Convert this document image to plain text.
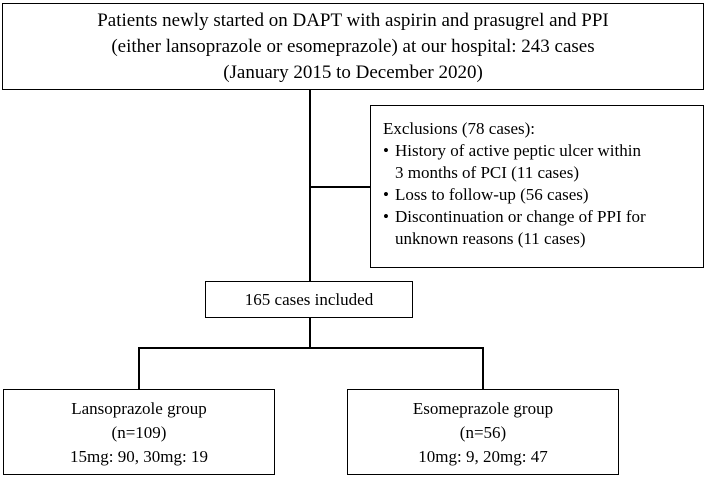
Patients newly started on DAPT with aspirin and prasugrel and PPI
(either lansoprazole or esomeprazole) at our hospital: 243 cases
(January 2015 to December 2020)
Exclusions (78 cases):
• History of active peptic ulcer within
3 months of PCI (11 cases)
• Loss to follow-up (56 cases)
• Discontinuation or change of PPI for
unknown reasons (11 cases)
165 cases included
Lansoprazole group
(n=109)
15mg: 90, 30mg: 19
Esomeprazole group
(n=56)
10mg: 9, 20mg: 47
